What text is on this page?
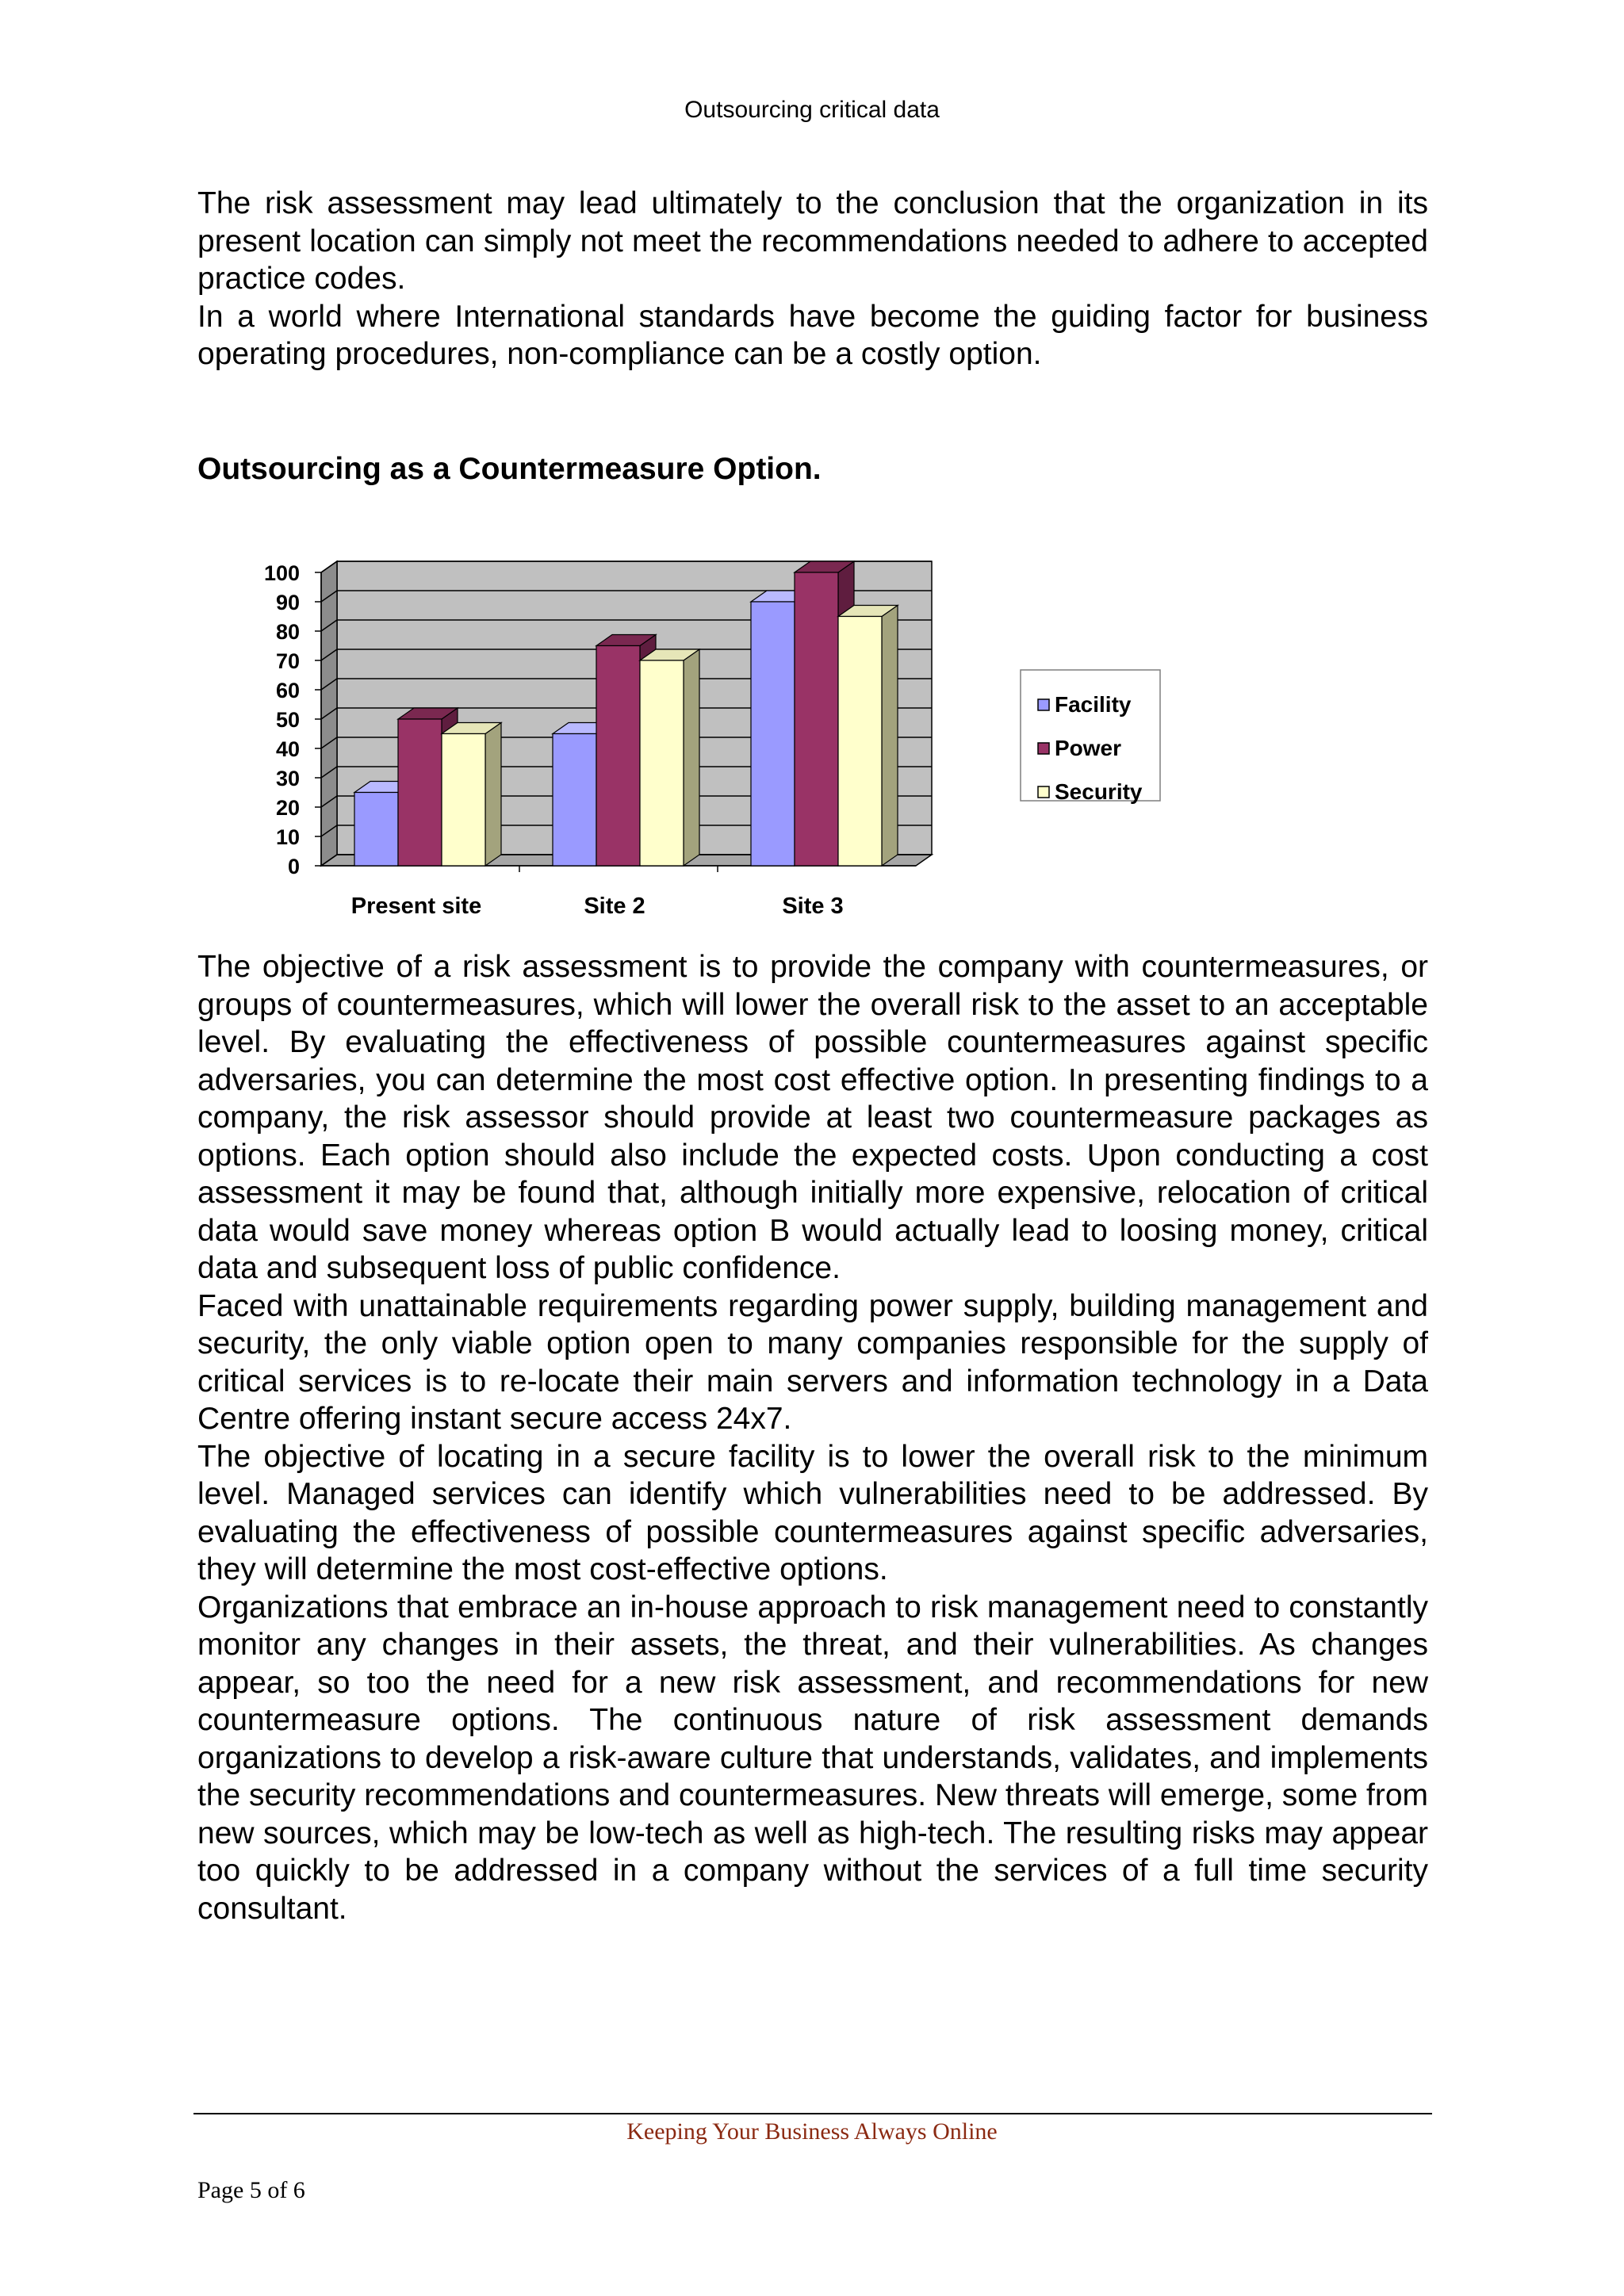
Outsourcing critical data

The risk assessment may lead ultimately to the conclusion that the organization in its present location can simply not meet the recommendations needed to adhere to accepted practice codes.

In a world where International standards have become the guiding factor for business operating procedures, non-compliance can be a costly option.

Outsourcing as a Countermeasure Option.
0
10
20
30
40
50
60
70
80
90
100
Present site	Site 2	Site 3
Facility
Power
Security

The objective of a risk assessment is to provide the company with countermeasures, or groups of countermeasures, which will lower the overall risk to the asset to an acceptable level. By evaluating the effectiveness of possible countermeasures against specific adversaries, you can determine the most cost effective option. In presenting findings to a company, the risk assessor should provide at least two countermeasure packages as options. Each option should also include the expected costs. Upon conducting a cost assessment it may be found that, although initially more expensive, relocation of critical data would save money whereas option B would actually lead to loosing money, critical data and subsequent loss of public confidence.

Faced with unattainable requirements regarding power supply, building management and security, the only viable option open to many companies responsible for the supply of critical services is to re-locate their main servers and information technology in a Data Centre offering instant secure access 24x7.

The objective of locating in a secure facility is to lower the overall risk to the minimum level. Managed services can identify which vulnerabilities need to be addressed. By evaluating the effectiveness of possible countermeasures against specific adversaries, they will determine the most cost-effective options.

Organizations that embrace an in-house approach to risk management need to constantly monitor any changes in their assets, the threat, and their vulnerabilities. As changes appear, so too the need for a new risk assessment, and recommendations for new countermeasure options. The continuous nature of risk assessment demands organizations to develop a risk-aware culture that understands, validates, and implements the security recommendations and countermeasures. New threats will emerge, some from new sources, which may be low-tech as well as high-tech. The resulting risks may appear too quickly to be addressed in a company without the services of a full time security consultant.

Keeping Your Business Always Online
Page 5 of 6
